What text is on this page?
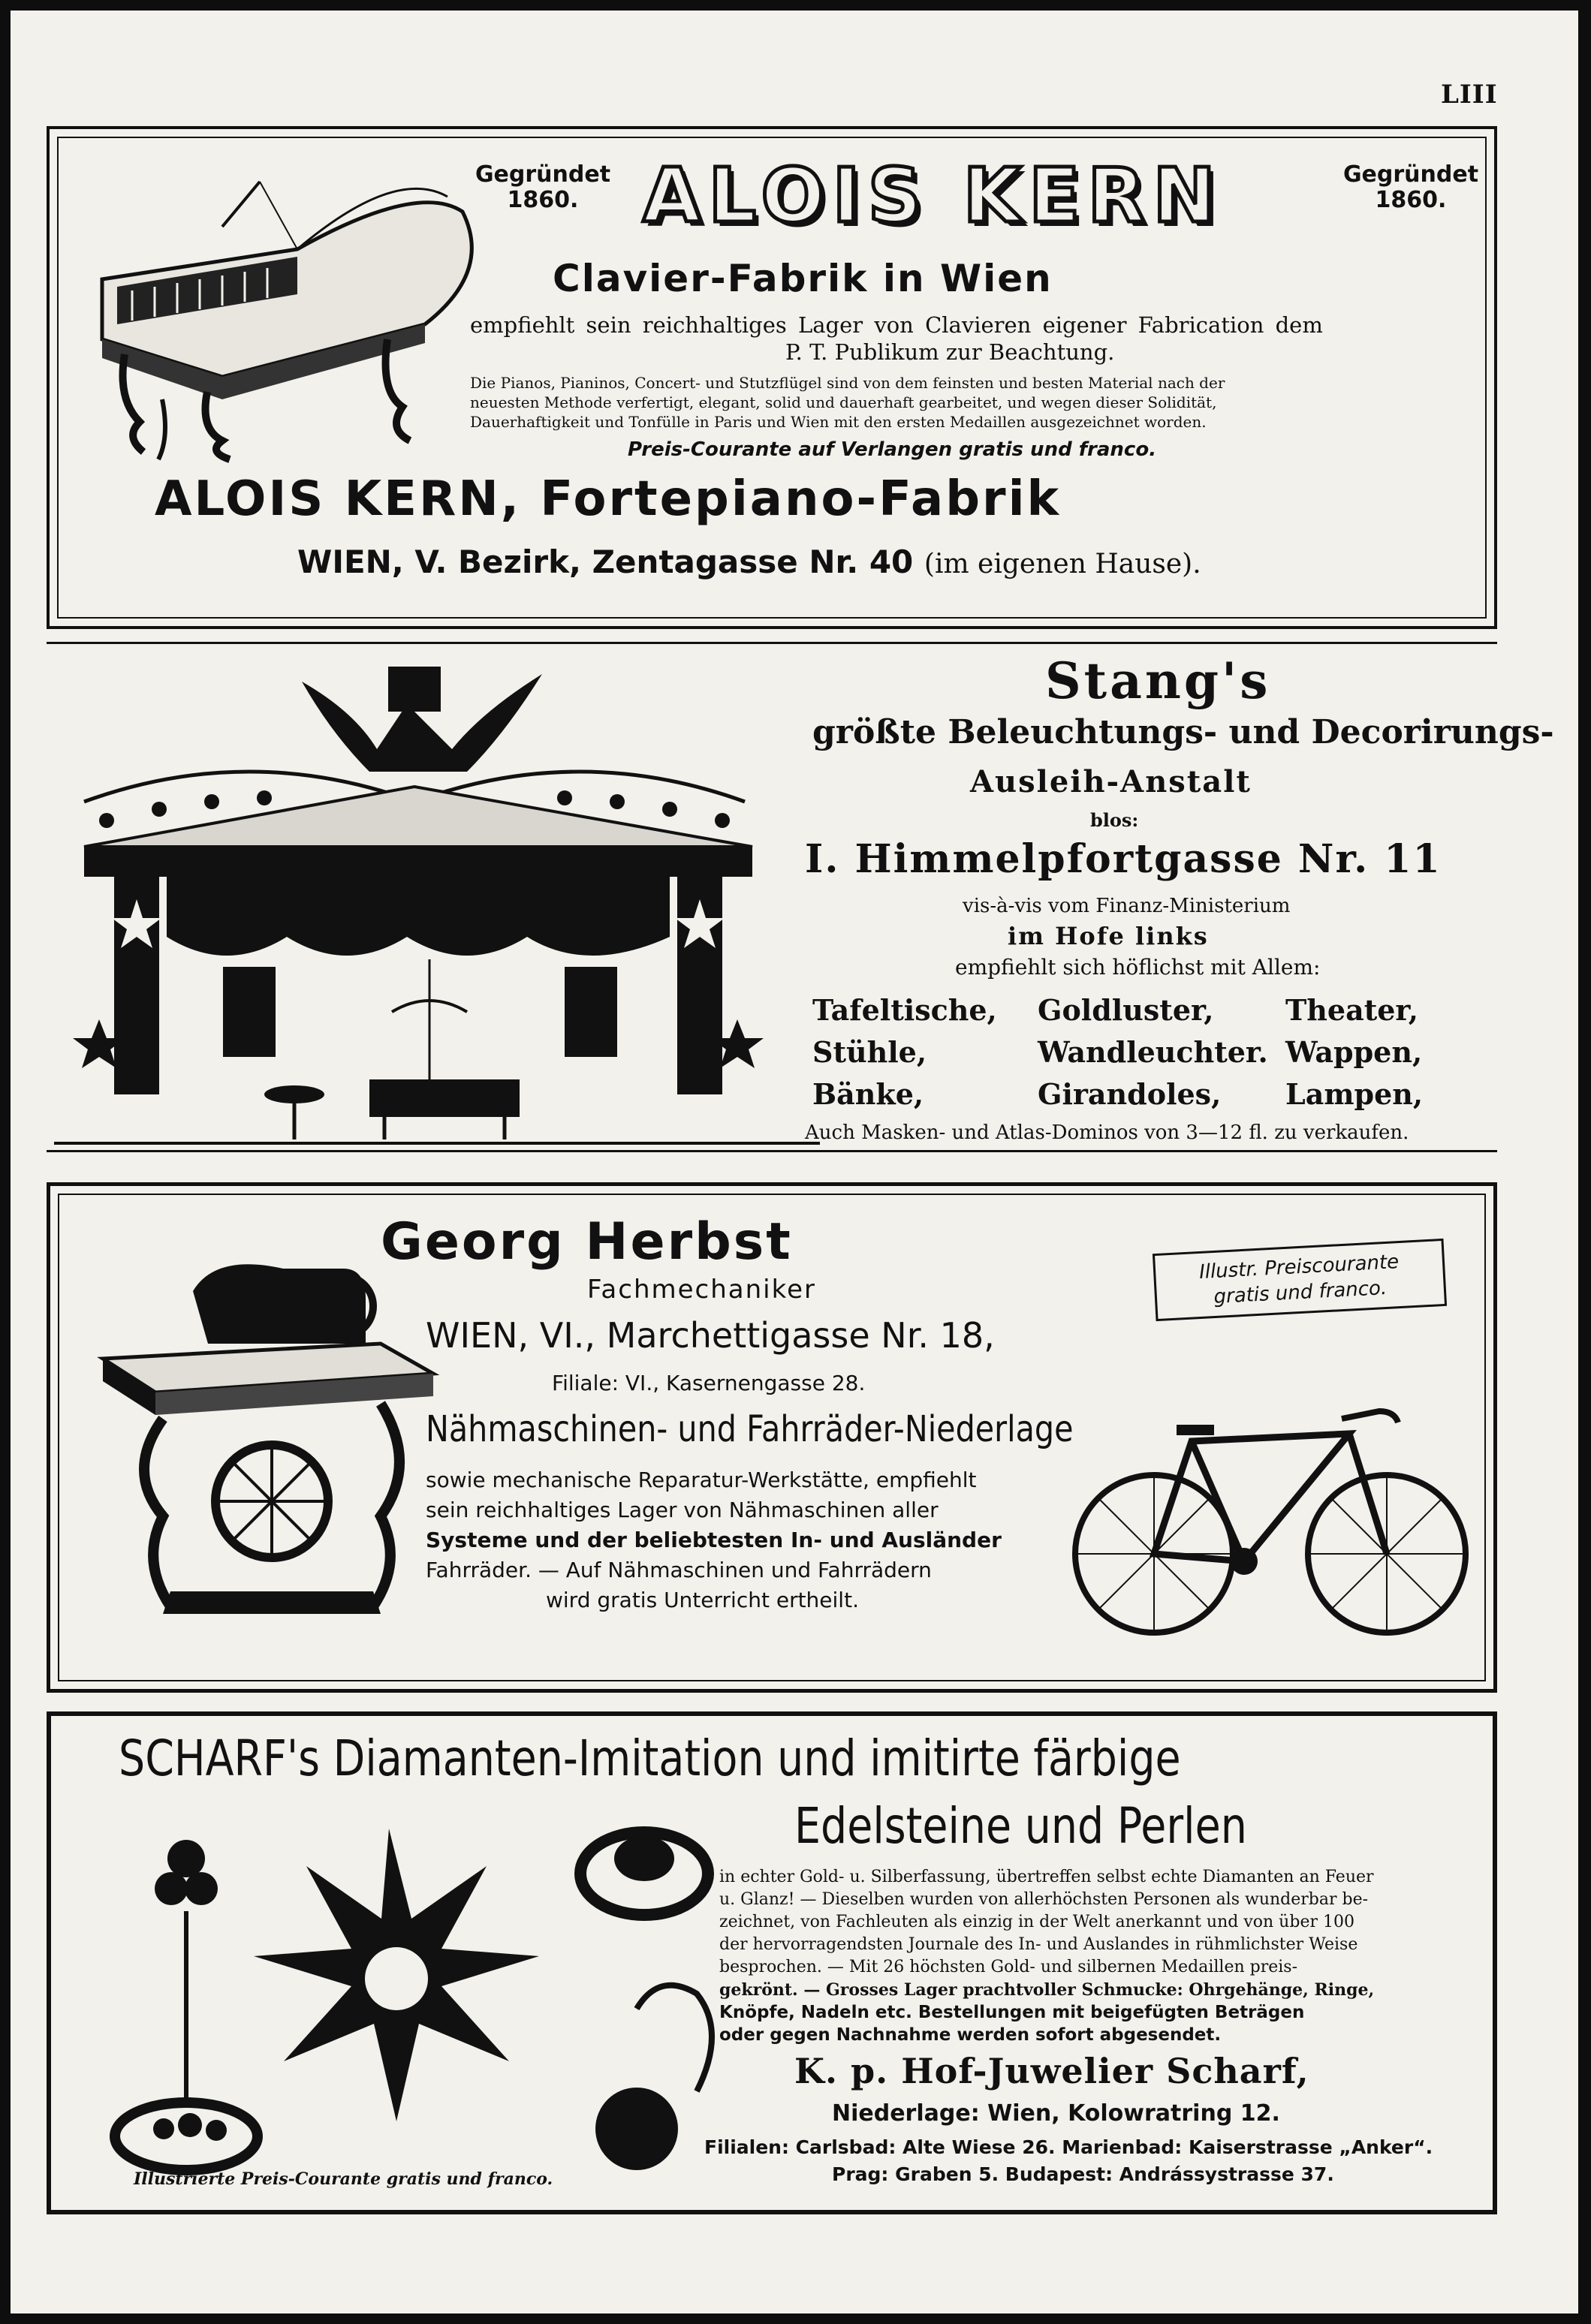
LIII
Gegründet
1860.
Gegründet
1860.
ALOIS KERN
Clavier-Fabrik in Wien
empfiehlt sein reichhaltiges Lager von Clavieren eigener Fabrication dem
P. T. Publikum zur Beachtung.
Die Pianos, Pianinos, Concert- und Stutzflügel sind von dem feinsten und besten Material nach der
neuesten Methode verfertigt, elegant, solid und dauerhaft gearbeitet, und wegen dieser Solidität,
Dauerhaftigkeit und Tonfülle in Paris und Wien mit den ersten Medaillen ausgezeichnet worden.
Preis-Courante auf Verlangen gratis und franco.
ALOIS KERN, Fortepiano-Fabrik
WIEN, V. Bezirk, Zentagasse Nr. 40 (im eigenen Hause).
Stang's
größte Beleuchtungs- und Decorirungs-
Ausleih-Anstalt
blos:
I. Himmelpfortgasse Nr. 11
vis-à-vis vom Finanz-Ministerium
im Hofe links
empfiehlt sich höflichst mit Allem:
Tafeltische,
Stühle,
Bänke,
Goldluster,
Wandleuchter.
Girandoles,
Theater,
Wappen,
Lampen,
Auch Masken- und Atlas-Dominos von 3—12 fl. zu verkaufen.
Georg Herbst
Fachmechaniker
WIEN, VI., Marchettigasse Nr. 18,
Filiale: VI., Kasernengasse 28.
Nähmaschinen- und Fahrräder-Niederlage
sowie mechanische Reparatur-Werkstätte, empfiehlt
sein reichhaltiges Lager von Nähmaschinen aller
Systeme und der beliebtesten In- und Ausländer
Fahrräder. — Auf Nähmaschinen und Fahrrädern
wird gratis Unterricht ertheilt.
Illustr. Preiscourante
gratis und franco.
SCHARF's Diamanten-Imitation und imitirte färbige
Edelsteine und Perlen
in echter Gold- u. Silberfassung, übertreffen selbst echte Diamanten an Feuer
u. Glanz! — Dieselben wurden von allerhöchsten Personen als wunderbar be-
zeichnet, von Fachleuten als einzig in der Welt anerkannt und von über 100
der hervorragendsten Journale des In- und Auslandes in rühmlichster Weise
besprochen. — Mit 26 höchsten Gold- und silbernen Medaillen preis-
gekrönt. — Grosses Lager prachtvoller Schmucke: Ohrgehänge, Ringe,
Knöpfe, Nadeln etc. Bestellungen mit beigefügten Beträgen
oder gegen Nachnahme werden sofort abgesendet.
K. p. Hof-Juwelier Scharf,
Niederlage: Wien, Kolowratring 12.
Filialen: Carlsbad: Alte Wiese 26. Marienbad: Kaiserstrasse „Anker“.
Prag: Graben 5. Budapest: Andrássystrasse 37.
Illustrierte Preis-Courante gratis und franco.
